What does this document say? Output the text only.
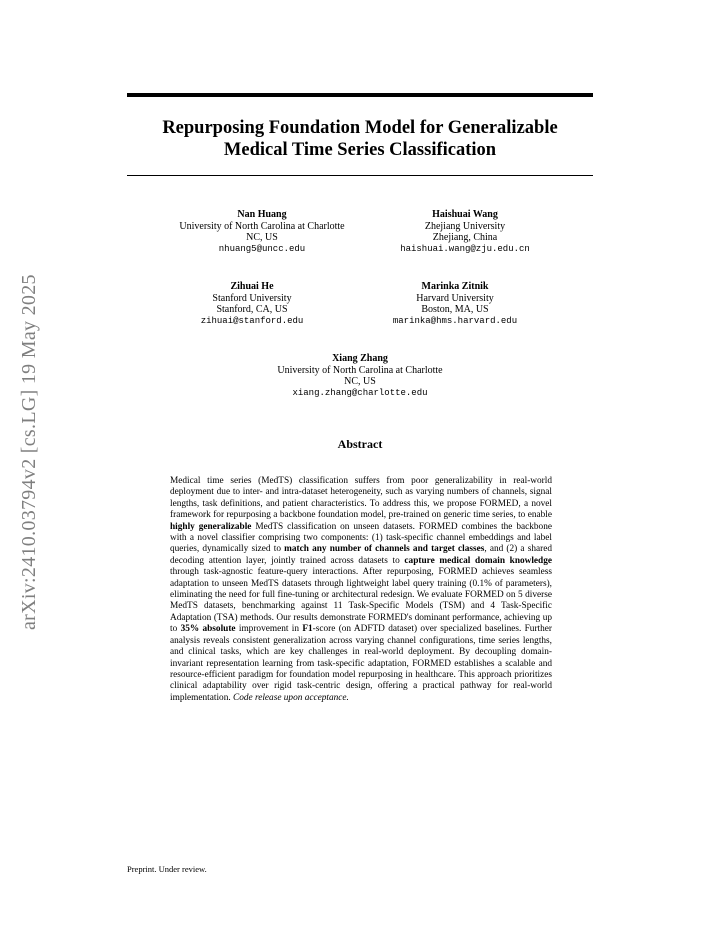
arXiv:2410.03794v2 [cs.LG] 19 May 2025
Repurposing Foundation Model for Generalizable
Medical Time Series Classification
Nan Huang
University of North Carolina at Charlotte
NC, US
nhuang5@uncc.edu
Haishuai Wang
Zhejiang University
Zhejiang, China
haishuai.wang@zju.edu.cn
Zihuai He
Stanford University
Stanford, CA, US
zihuai@stanford.edu
Marinka Zitnik
Harvard University
Boston, MA, US
marinka@hms.harvard.edu
Xiang Zhang
University of North Carolina at Charlotte
NC, US
xiang.zhang@charlotte.edu
Abstract
Medical time series (MedTS) classification suffers from poor generalizability in real-world deployment due to inter- and intra-dataset heterogeneity, such as varying numbers of channels, signal lengths, task definitions, and patient characteristics. To address this, we propose FORMED, a novel framework for repurposing a backbone foundation model, pre-trained on generic time series, to enable highly generalizable MedTS classification on unseen datasets. FORMED combines the backbone with a novel classifier comprising two components: (1) task-specific channel embeddings and label queries, dynamically sized to match any number of channels and target classes, and (2) a shared decoding attention layer, jointly trained across datasets to capture medical domain knowledge through task-agnostic feature-query interactions. After repurposing, FORMED achieves seamless adaptation to unseen MedTS datasets through lightweight label query training (0.1% of parameters), eliminating the need for full fine-tuning or architectural redesign. We evaluate FORMED on 5 diverse MedTS datasets, benchmarking against 11 Task-Specific Models (TSM) and 4 Task-Specific Adaptation (TSA) methods. Our results demonstrate FORMED's dominant performance, achieving up to 35% absolute improvement in F1-score (on ADFTD dataset) over specialized baselines. Further analysis reveals consistent generalization across varying channel configurations, time series lengths, and clinical tasks, which are key challenges in real-world deployment. By decoupling domain-invariant representation learning from task-specific adaptation, FORMED establishes a scalable and resource-efficient paradigm for foundation model repurposing in healthcare. This approach prioritizes clinical adaptability over rigid task-centric design, offering a practical pathway for real-world implementation. Code release upon acceptance.
Preprint. Under review.
